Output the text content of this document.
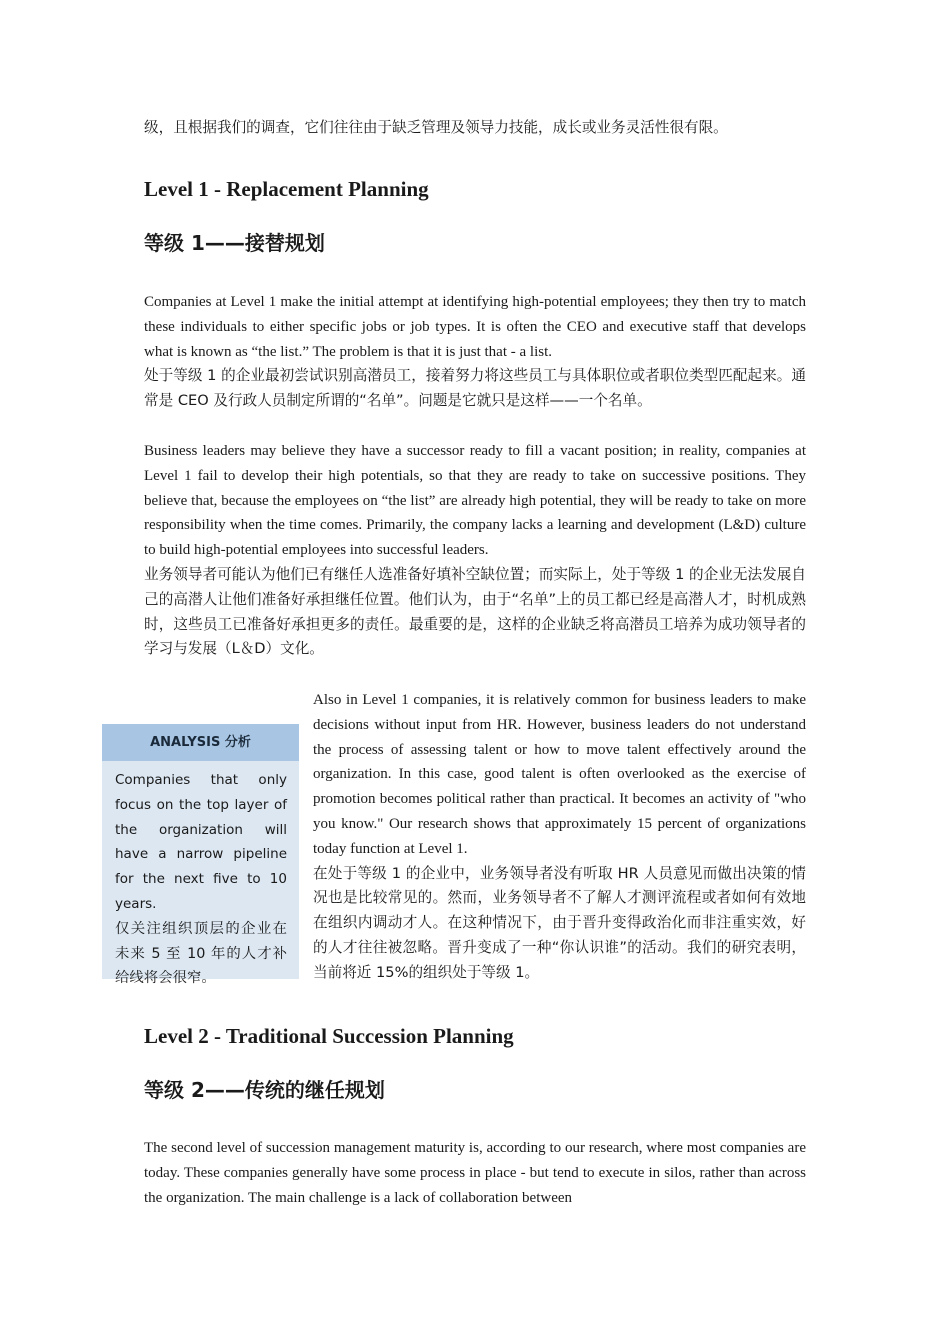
级，且根据我们的调查，它们往往由于缺乏管理及领导力技能，成长或业务灵活性很有限。
Level 1 - Replacement Planning
等级 1——接替规划
Companies at Level 1 make the initial attempt at identifying high-potential employees; they then try to match these individuals to either specific jobs or job types. It is often the CEO and executive staff that develops what is known as “the list.” The problem is that it is just that - a list.
处于等级 1 的企业最初尝试识别高潜员工，接着努力将这些员工与具体职位或者职位类型匹配起来。通常是 CEO 及行政人员制定所谓的“名单”。问题是它就只是这样——一个名单。
Business leaders may believe they have a successor ready to fill a vacant position; in reality, companies at Level 1 fail to develop their high potentials, so that they are ready to take on successive positions. They believe that, because the employees on “the list” are already high potential, they will be ready to take on more responsibility when the time comes. Primarily, the company lacks a learning and development (L&D) culture to build high-potential employees into successful leaders.
业务领导者可能认为他们已有继任人选准备好填补空缺位置；而实际上，处于等级 1 的企业无法发展自己的高潜人让他们准备好承担继任位置。他们认为，由于“名单”上的员工都已经是高潜人才，时机成熟时，这些员工已准备好承担更多的责任。最重要的是，这样的企业缺乏将高潜员工培养为成功领导者的学习与发展（L＆D）文化。
Also in Level 1 companies, it is relatively common for business leaders to make decisions without input from HR. However, business leaders do not understand the process of assessing talent or how to move talent effectively around the organization. In this case, good talent is often overlooked as the exercise of promotion becomes political rather than practical. It becomes an activity of "who you know." Our research shows that approximately 15 percent of organizations today function at Level 1.
在处于等级 1 的企业中，业务领导者没有听取 HR 人员意见而做出决策的情况也是比较常见的。然而，业务领导者不了解人才测评流程或者如何有效地在组织内调动才人。在这种情况下，由于晋升变得政治化而非注重实效，好的人才往往被忽略。晋升变成了一种“你认识谁”的活动。我们的研究表明，当前将近 15%的组织处于等级 1。
ANALYSIS 分析
Companies that only focus on the top layer of the organization will have a narrow pipeline for the next five to 10 years.
仅关注组织顶层的企业在未来 5 至 10 年的人才补给线将会很窄。
Level 2 - Traditional Succession Planning
等级 2——传统的继任规划
The second level of succession management maturity is, according to our research, where most companies are today. These companies generally have some process in place - but tend to execute in silos, rather than across the organization. The main challenge is a lack of collaboration between
